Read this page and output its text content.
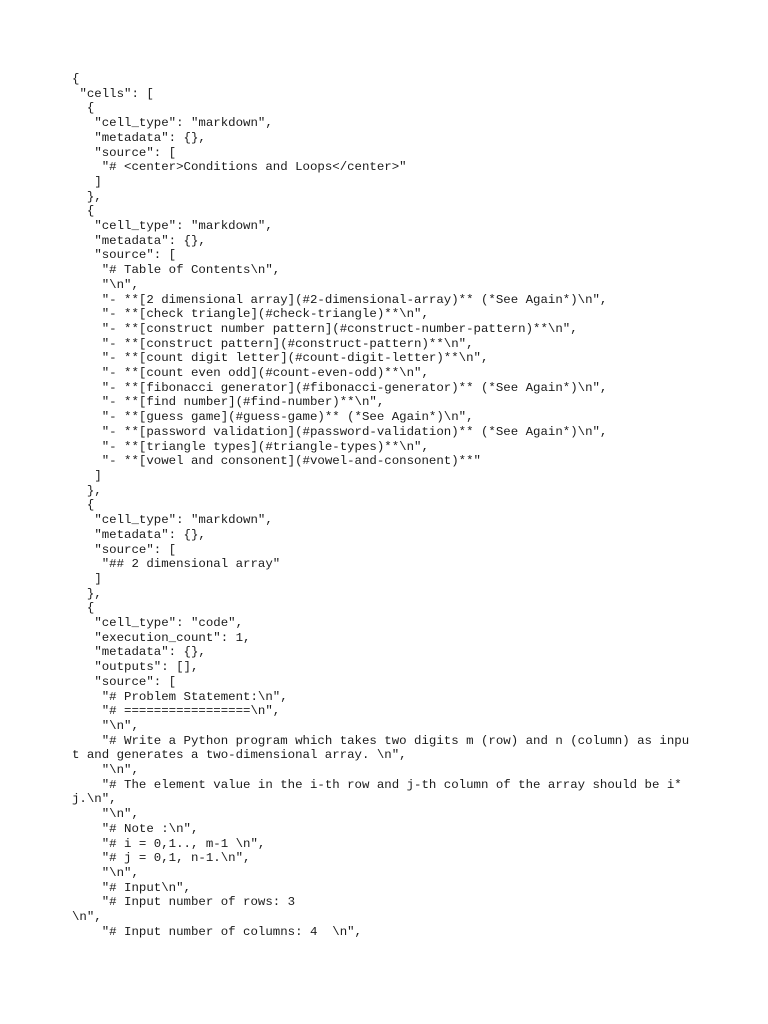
{
"cells": [
{
"cell_type": "markdown",
"metadata": {},
"source": [
"# <center>Conditions and Loops</center>"
]
},
{
"cell_type": "markdown",
"metadata": {},
"source": [
"# Table of Contents\n",
"\n",
"- **[2 dimensional array](#2-dimensional-array)** (*See Again*)\n",
"- **[check triangle](#check-triangle)**\n",
"- **[construct number pattern](#construct-number-pattern)**\n",
"- **[construct pattern](#construct-pattern)**\n",
"- **[count digit letter](#count-digit-letter)**\n",
"- **[count even odd](#count-even-odd)**\n",
"- **[fibonacci generator](#fibonacci-generator)** (*See Again*)\n",
"- **[find number](#find-number)**\n",
"- **[guess game](#guess-game)** (*See Again*)\n",
"- **[password validation](#password-validation)** (*See Again*)\n",
"- **[triangle types](#triangle-types)**\n",
"- **[vowel and consonent](#vowel-and-consonent)**"
]
},
{
"cell_type": "markdown",
"metadata": {},
"source": [
"## 2 dimensional array"
]
},
{
"cell_type": "code",
"execution_count": 1,
"metadata": {},
"outputs": [],
"source": [
"# Problem Statement:\n",
"# =================\n",
"\n",
"# Write a Python program which takes two digits m (row) and n (column) as input and generates a two-dimensional array. \n",
"\n",
"# The element value in the i-th row and j-th column of the array should be i*j.\n",
"\n",
"# Note :\n",
"# i = 0,1.., m-1 \n",
"# j = 0,1, n-1.\n",
"\n",
"# Input\n",
"# Input number of rows: 3
\n",
"# Input number of columns: 4  \n",
